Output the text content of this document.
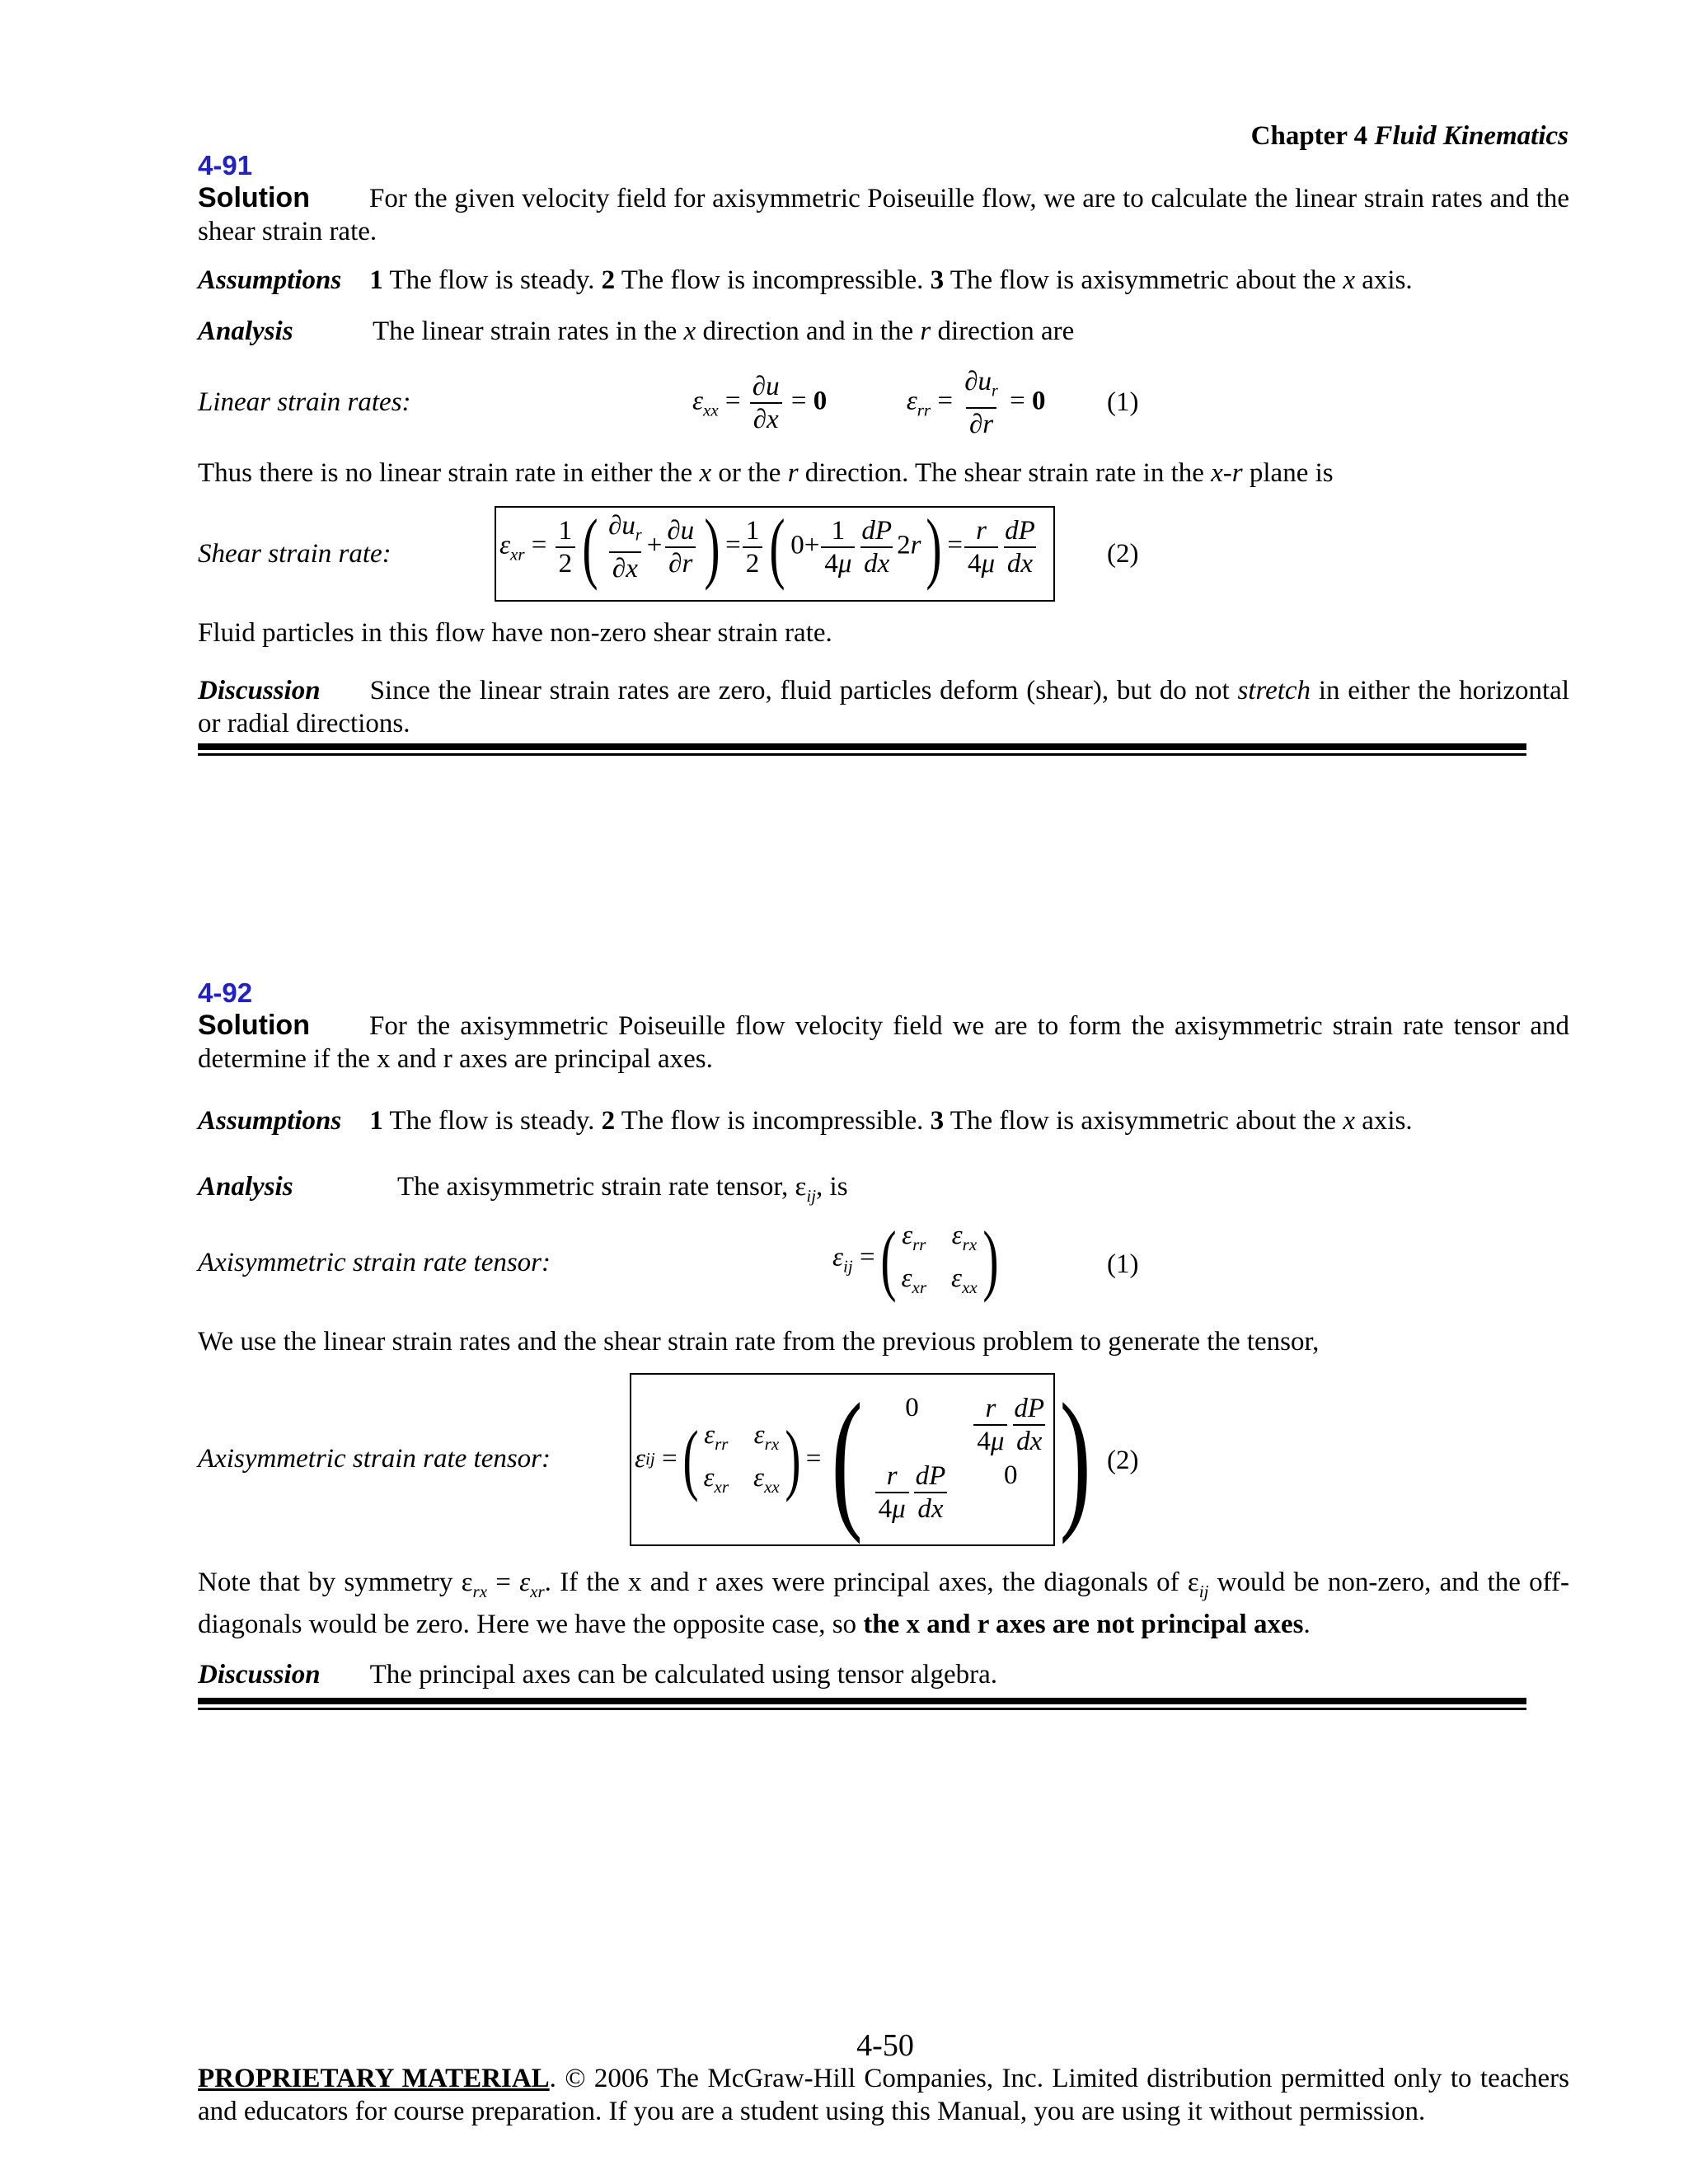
Chapter 4 Fluid Kinematics
4-91
Solution For the given velocity field for axisymmetric Poiseuille flow, we are to calculate the linear strain rates and the shear strain rate.
Assumptions 1 The flow is steady. 2 The flow is incompressible. 3 The flow is axisymmetric about the x axis.
Analysis	The linear strain rates in the x direction and in the r direction are
Linear strain rates:	$\varepsilon_{xx} = \frac{\partial u}{\partial x} = 0$	$\varepsilon_{rr} = \frac{\partial u_r}{\partial r} = 0$ (1)
Thus there is no linear strain rate in either the x or the r direction. The shear strain rate in the x-r plane is
Shear strain rate:	$\varepsilon_{xr} = \frac{1}{2}$ ( $\frac{\partial u_r}{\partial x} + \frac{\partial u}{\partial r}$ ) = $\frac{1}{2}$ ( $0+ \frac{1}{4\mu} \frac{dP}{dx} 2r) = \frac{r}{4\mu} \frac{dP}{dx}$	(2)
Fluid particles in this flow have non-zero shear strain rate.
Discussion Since the linear strain rates are zero, fluid particles deform (shear), but do not stretch in either the horizontal or radial directions.
4-92
Solution For the axisymmetric Poiseuille flow velocity field we are to form the axisymmetric strain rate tensor and determine if the x and r axes are principal axes.
Assumptions 1 The flow is steady. 2 The flow is incompressible. 3 The flow is axisymmetric about the x axis.
Analysis	The axisymmetric strain rate tensor, $\varepsilon_{ij}$, is
Axisymmetric strain rate tensor:	$\varepsilon_{ij}$ =( $\varepsilon_{rr}$ $\varepsilon_{rx}$
$\varepsilon_{xr}$ $\varepsilon_{xx}$ )	(1)
We use the linear strain rates and the shear strain rate from the previous problem to generate the tensor,
Axisymmetric strain rate tensor:	ε ij = ( $\varepsilon_{rr}$ $\varepsilon_{rx}$
$\varepsilon_{xr}$ $\varepsilon_{xx}$ ) = (	0	$\frac{r}{4\mu} \frac{dP}{dx}$
$\frac{r}{4\mu} \frac{dP}{dx}$	0 ) (2)
Note that by symmetry $\varepsilon_{rx} = \varepsilon_{xr}$. If the x and r axes were principal axes, the diagonals of $\varepsilon_{ij}$ would be non-zero, and the off-diagonals would be zero. Here we have the opposite case, so the x and r axes are not principal axes.
Discussion The principal axes can be calculated using tensor algebra.
4-50
PROPRIETARY MATERIAL. © 2006 The McGraw-Hill Companies, Inc. Limited distribution permitted only to teachers and educators for course preparation. If you are a student using this Manual, you are using it without permission.
